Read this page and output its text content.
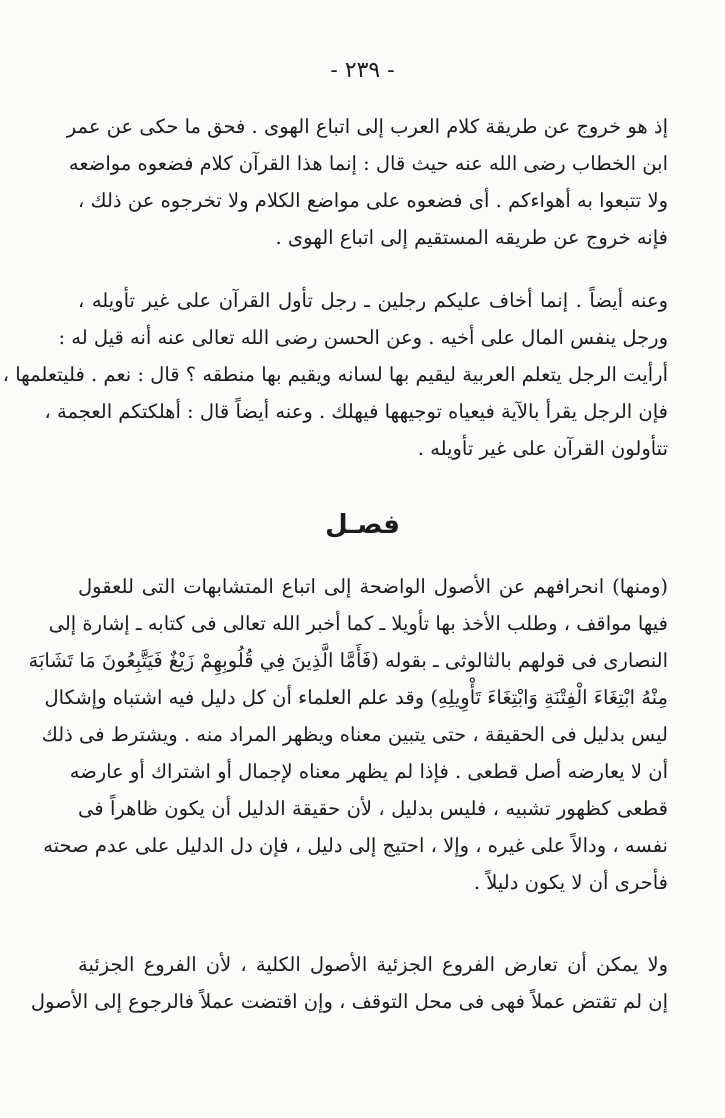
- ٢٣٩ -
إذ هو خروج عن طريقة كلام العرب إلى اتباع الهوى . فحق ما حكى عن عمر
ابن الخطاب رضى الله عنه حيث قال : إنما هذا القرآن كلام فضعوه مواضعه
ولا تتبعوا به أهواءكم . أى فضعوه على مواضع الكلام ولا تخرجوه عن ذلك ،
فإنه خروج عن طريقه المستقيم إلى اتباع الهوى .
وعنه أيضاً . إنما أخاف عليكم رجلين ـ رجل تأول القرآن على غير تأويله ،
ورجل ينفس المال على أخيه . وعن الحسن رضى الله تعالى عنه أنه قيل له :
أرأيت الرجل يتعلم العربية ليقيم بها لسانه ويقيم بها منطقه ؟ قال : نعم . فليتعلمها ،
فإن الرجل يقرأ بالآية فيعياه توجيهها فيهلك . وعنه أيضاً قال : أهلكتكم العجمة ،
تتأولون القرآن على غير تأويله .
فصـل
(ومنها) انحرافهم عن الأصول الواضحة إلى اتباع المتشابهات التى للعقول
فيها مواقف ، وطلب الأخذ بها تأويلا ـ كما أخبر الله تعالى فى كتابه ـ إشارة إلى
النصارى فى قولهم بالثالوثى ـ بقوله (فَأَمَّا الَّذِينَ فِي قُلُوبِهِمْ زَيْغٌ فَيَتَّبِعُونَ مَا تَشَابَهَ
مِنْهُ ابْتِغَاءَ الْفِتْنَةِ وَابْتِغَاءَ تَأْوِيلِهِ) وقد علم العلماء أن كل دليل فيه اشتباه وإشكال
ليس بدليل فى الحقيقة ، حتى يتبين معناه ويظهر المراد منه . ويشترط فى ذلك
أن لا يعارضه أصل قطعى . فإذا لم يظهر معناه لإجمال أو اشتراك أو عارضه
قطعى كظهور تشبيه ، فليس بدليل ، لأن حقيقة الدليل أن يكون ظاهراً فى
نفسه ، ودالاً على غيره ، وإلا ، احتيج إلى دليل ، فإن دل الدليل على عدم صحته
فأحرى أن لا يكون دليلاً .
ولا يمكن أن تعارض الفروع الجزئية الأصول الكلية ، لأن الفروع الجزئية
إن لم تقتض عملاً فهى فى محل التوقف ، وإن اقتضت عملاً فالرجوع إلى الأصول
